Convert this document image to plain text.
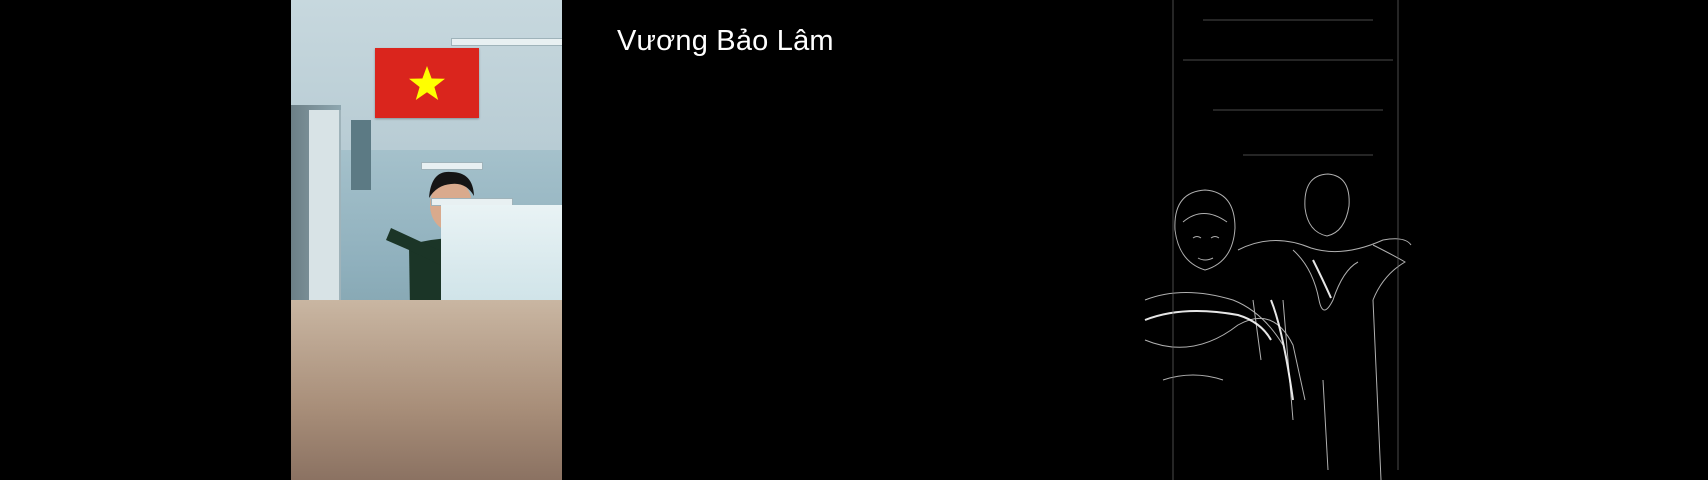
Vương Bảo Lâm
